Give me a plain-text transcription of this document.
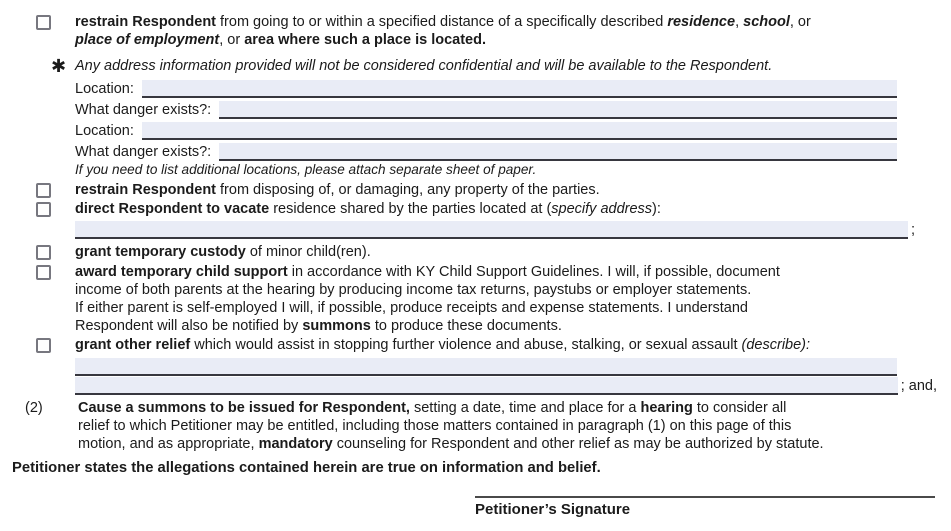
restrain Respondent from going to or within a specified distance of a specifically described residence, school, or
place of employment, or area where such a place is located.
✱ Any address information provided will not be considered confidential and will be available to the Respondent.
Location:
What danger exists?:
Location:
What danger exists?:
If you need to list additional locations, please attach separate sheet of paper.
restrain Respondent from disposing of, or damaging, any property of the parties.
direct Respondent to vacate residence shared by the parties located at (specify address):
;
grant temporary custody of minor child(ren).
award temporary child support in accordance with KY Child Support Guidelines. I will, if possible, document
income of both parents at the hearing by producing income tax returns, paystubs or employer statements.
If either parent is self-employed I will, if possible, produce receipts and expense statements. I understand
Respondent will also be notified by summons to produce these documents.
grant other relief which would assist in stopping further violence and abuse, stalking, or sexual assault (describe):
; and,
(2)	Cause a summons to be issued for Respondent, setting a date, time and place for a hearing to consider all
relief to which Petitioner may be entitled, including those matters contained in paragraph (1) on this page of this
motion, and as appropriate, mandatory counseling for Respondent and other relief as may be authorized by statute.
Petitioner states the allegations contained herein are true on information and belief.
Petitioner’s Signature
